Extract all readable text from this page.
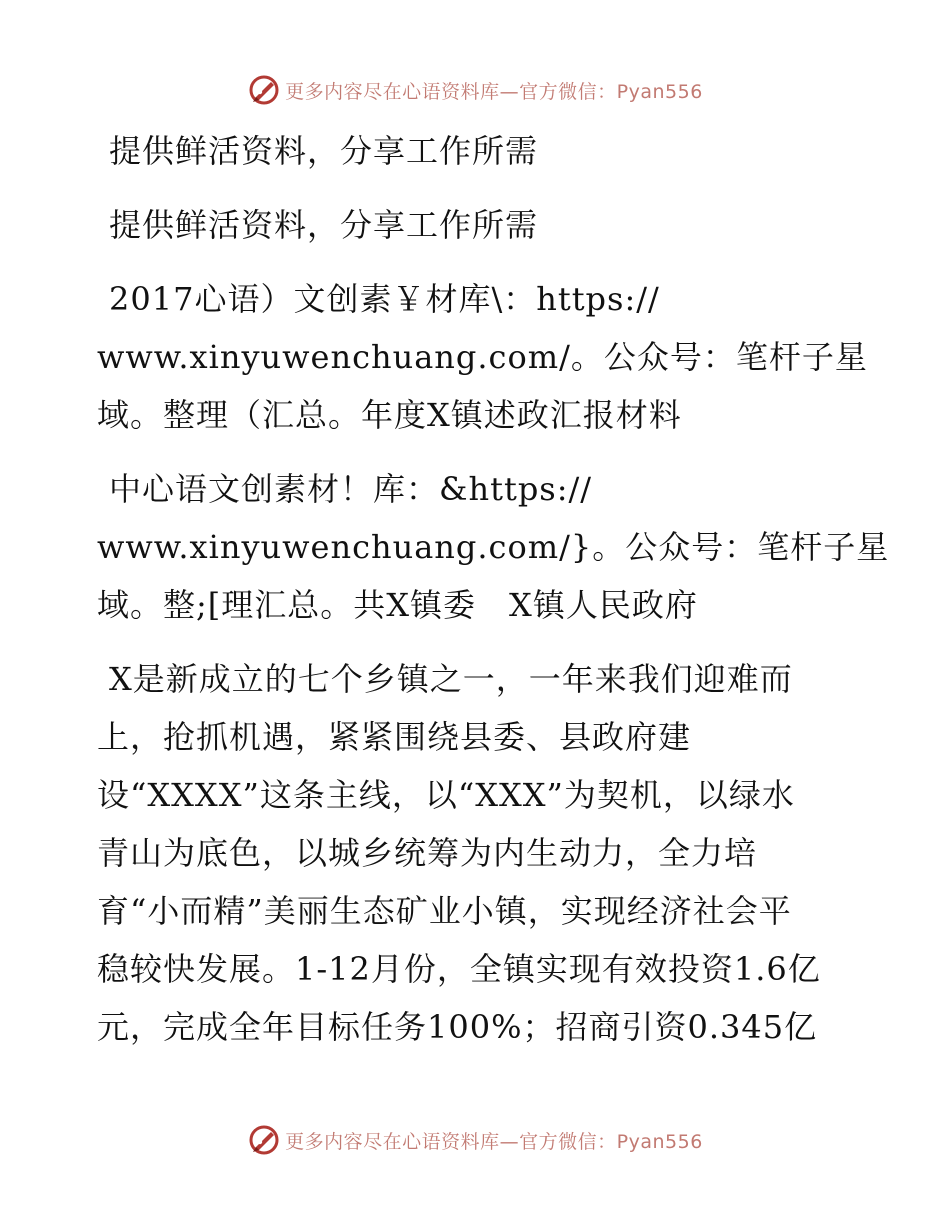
更多内容尽在心语资料库—官方微信：Pyan556
提供鲜活资料，分享工作所需
提供鲜活资料，分享工作所需
2017心语）文创素￥材库\：https://
www.xinyuwenchuang.com/。公众号：笔杆子星
域。整理（汇总。年度X镇述政汇报材料
中心语文创素材！库：&https://
www.xinyuwenchuang.com/}。公众号：笔杆子星
域。整;[理汇总。共X镇委　X镇人民政府
X是新成立的七个乡镇之一，一年来我们迎难而
上，抢抓机遇，紧紧围绕县委、县政府建
设“XXXX”这条主线，以“XXX”为契机，以绿水
青山为底色，以城乡统筹为内生动力，全力培
育“小而精”美丽生态矿业小镇，实现经济社会平
稳较快发展。1-12月份，全镇实现有效投资1.6亿
元，完成全年目标任务100%；招商引资0.345亿
更多内容尽在心语资料库—官方微信：Pyan556
